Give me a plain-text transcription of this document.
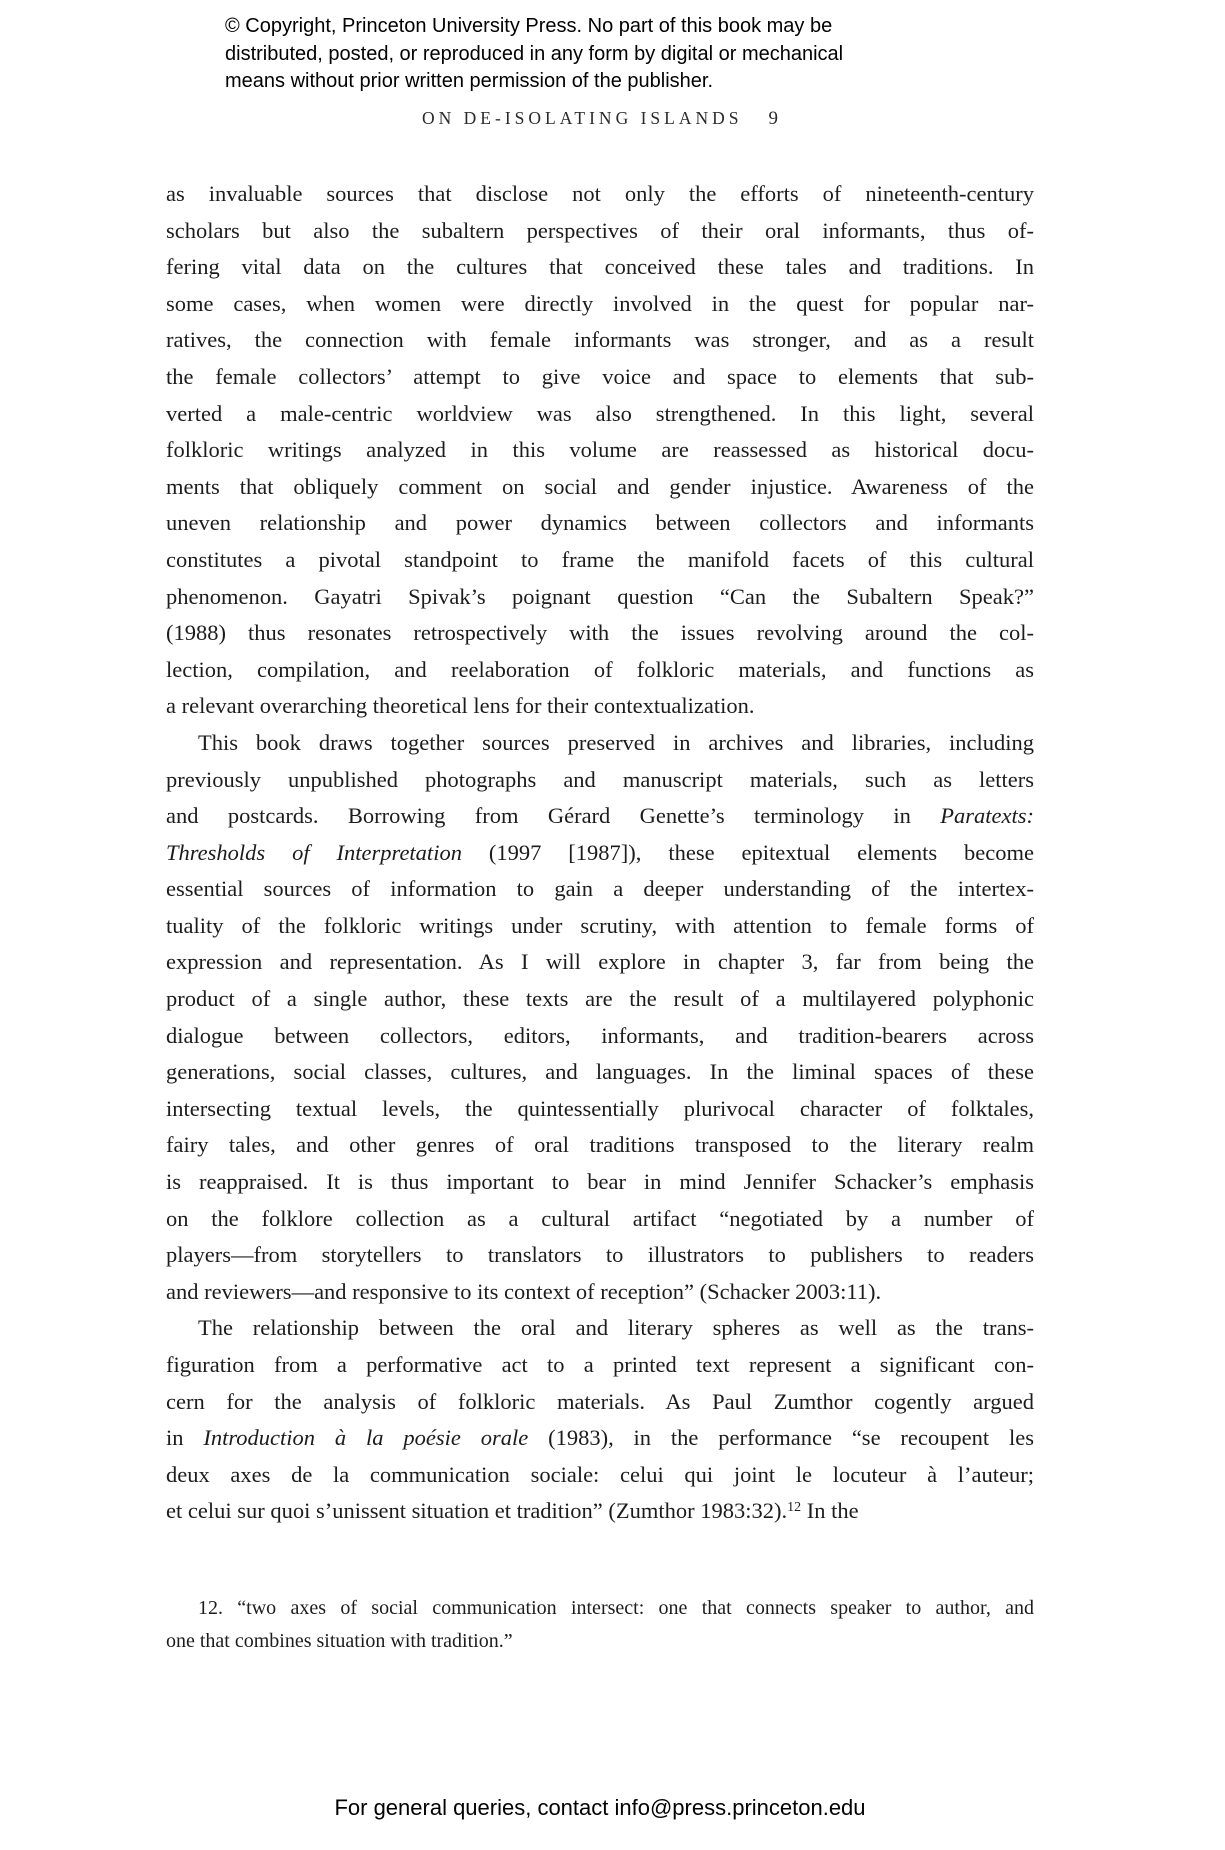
© Copyright, Princeton University Press. No part of this book may be
distributed, posted, or reproduced in any form by digital or mechanical
means without prior written permission of the publisher.
ON DE-ISOLATING ISLANDS 9
as invaluable sources that disclose not only the efforts of nineteenth-century
scholars but also the subaltern perspectives of their oral informants, thus of-
fering vital data on the cultures that conceived these tales and traditions. In
some cases, when women were directly involved in the quest for popular nar-
ratives, the connection with female informants was stronger, and as a result
the female collectors’ attempt to give voice and space to elements that sub-
verted a male-centric worldview was also strengthened. In this light, several
folkloric writings analyzed in this volume are reassessed as historical docu-
ments that obliquely comment on social and gender injustice. Awareness of the
uneven relationship and power dynamics between collectors and informants
constitutes a pivotal standpoint to frame the manifold facets of this cultural
phenomenon. Gayatri Spivak’s poignant question “Can the Subaltern Speak?”
(1988) thus resonates retrospectively with the issues revolving around the col-
lection, compilation, and reelaboration of folkloric materials, and functions as
a relevant overarching theoretical lens for their contextualization.
This book draws together sources preserved in archives and libraries, including
previously unpublished photographs and manuscript materials, such as letters
and postcards. Borrowing from Gérard Genette’s terminology in Paratexts:
Thresholds of Interpretation (1997 [1987]), these epitextual elements become
essential sources of information to gain a deeper understanding of the intertex-
tuality of the folkloric writings under scrutiny, with attention to female forms of
expression and representation. As I will explore in chapter 3, far from being the
product of a single author, these texts are the result of a multilayered polyphonic
dialogue between collectors, editors, informants, and tradition-bearers across
generations, social classes, cultures, and languages. In the liminal spaces of these
intersecting textual levels, the quintessentially plurivocal character of folktales,
fairy tales, and other genres of oral traditions transposed to the literary realm
is reappraised. It is thus important to bear in mind Jennifer Schacker’s emphasis
on the folklore collection as a cultural artifact “negotiated by a number of
players—from storytellers to translators to illustrators to publishers to readers
and reviewers—and responsive to its context of reception” (Schacker 2003:11).
The relationship between the oral and literary spheres as well as the trans-
figuration from a performative act to a printed text represent a significant con-
cern for the analysis of folkloric materials. As Paul Zumthor cogently argued
in Introduction à la poésie orale (1983), in the performance “se recoupent les
deux axes de la communication sociale: celui qui joint le locuteur à l’auteur;
et celui sur quoi s’unissent situation et tradition” (Zumthor 1983:32).$^{12}$ In the
12. “two axes of social communication intersect: one that connects speaker to author, and
one that combines situation with tradition.”
For general queries, contact info@press.princeton.edu
